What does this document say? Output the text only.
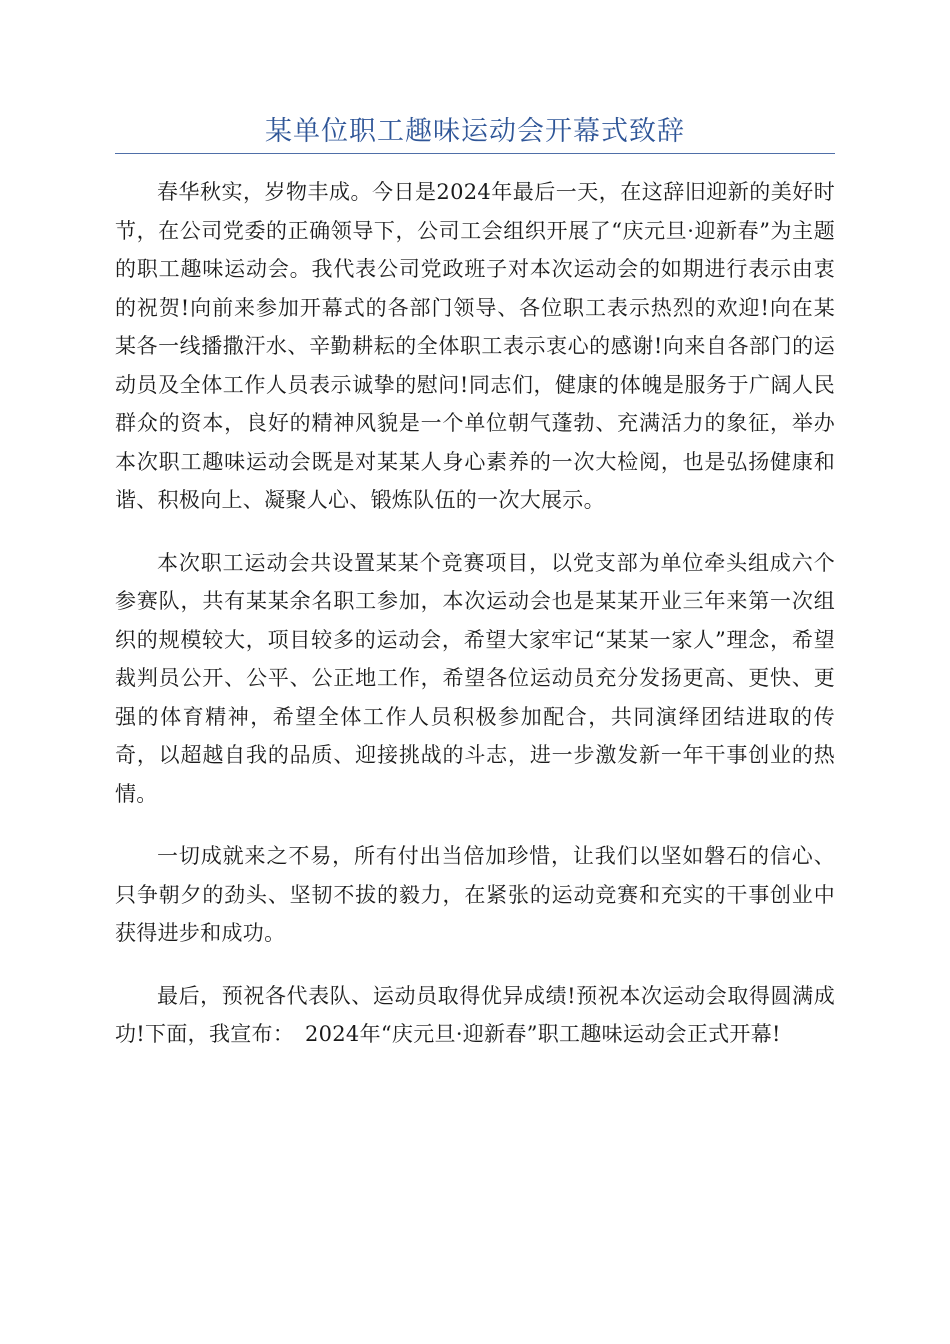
某单位职工趣味运动会开幕式致辞

春华秋实，岁物丰成。今日是2024年最后一天，在这辞旧迎新的美好时节，在公司党委的正确领导下，公司工会组织开展了“庆元旦·迎新春”为主题的职工趣味运动会。我代表公司党政班子对本次运动会的如期进行表示由衷的祝贺!向前来参加开幕式的各部门领导、各位职工表示热烈的欢迎!向在某某各一线播撒汗水、辛勤耕耘的全体职工表示衷心的感谢!向来自各部门的运动员及全体工作人员表示诚挚的慰问!同志们，健康的体魄是服务于广阔人民群众的资本，良好的精神风貌是一个单位朝气蓬勃、充满活力的象征，举办本次职工趣味运动会既是对某某人身心素养的一次大检阅，也是弘扬健康和谐、积极向上、凝聚人心、锻炼队伍的一次大展示。

本次职工运动会共设置某某个竞赛项目，以党支部为单位牵头组成六个参赛队，共有某某余名职工参加，本次运动会也是某某开业三年来第一次组织的规模较大，项目较多的运动会，希望大家牢记“某某一家人”理念，希望裁判员公开、公平、公正地工作，希望各位运动员充分发扬更高、更快、更强的体育精神，希望全体工作人员积极参加配合，共同演绎团结进取的传奇，以超越自我的品质、迎接挑战的斗志，进一步激发新一年干事创业的热情。

一切成就来之不易，所有付出当倍加珍惜，让我们以坚如磐石的信心、只争朝夕的劲头、坚韧不拔的毅力，在紧张的运动竞赛和充实的干事创业中获得进步和成功。

最后，预祝各代表队、运动员取得优异成绩!预祝本次运动会取得圆满成功!下面，我宣布：　2024年“庆元旦·迎新春”职工趣味运动会正式开幕!
